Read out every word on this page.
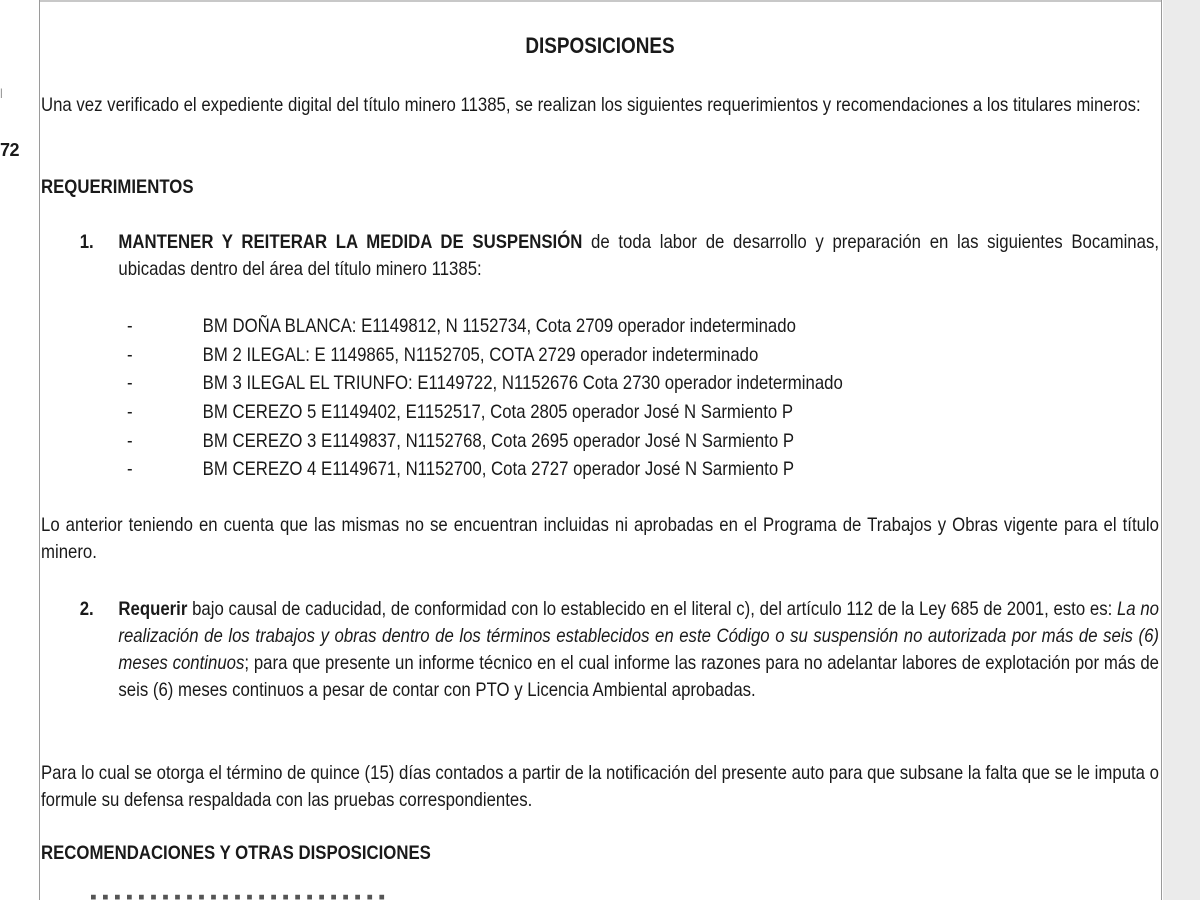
|
72
DISPOSICIONES
Una vez verificado el expediente digital del título minero 11385, se realizan los siguientes requerimientos y recomendaciones a los titulares mineros:
REQUERIMIENTOS
1. MANTENER Y REITERAR LA MEDIDA DE SUSPENSIÓN de toda labor de desarrollo y preparación en las siguientes Bocaminas, ubicadas dentro del área del título minero 11385:
-	BM DOÑA BLANCA: E1149812, N 1152734, Cota 2709 operador indeterminado
-	BM 2 ILEGAL: E 1149865, N1152705, COTA 2729 operador indeterminado
-	BM 3 ILEGAL EL TRIUNFO: E1149722, N1152676 Cota 2730 operador indeterminado
-	BM CEREZO 5 E1149402, E1152517, Cota 2805 operador José N Sarmiento P
-	BM CEREZO 3 E1149837, N1152768, Cota 2695 operador José N Sarmiento P
-	BM CEREZO 4 E1149671, N1152700, Cota 2727 operador José N Sarmiento P
Lo anterior teniendo en cuenta que las mismas no se encuentran incluidas ni aprobadas en el Programa de Trabajos y Obras vigente para el título minero.
2. Requerir bajo causal de caducidad, de conformidad con lo establecido en el literal c), del artículo 112 de la Ley 685 de 2001, esto es: La no realización de los trabajos y obras dentro de los términos establecidos en este Código o su suspensión no autorizada por más de seis (6) meses continuos; para que presente un informe técnico en el cual informe las razones para no adelantar labores de explotación por más de seis (6) meses continuos a pesar de contar con PTO y Licencia Ambiental aprobadas.
Para lo cual se otorga el término de quince (15) días contados a partir de la notificación del presente auto para que subsane la falta que se le imputa o formule su defensa respaldada con las pruebas correspondientes.
RECOMENDACIONES Y OTRAS DISPOSICIONES
▪ ▪ ▪ ▪ ▪ ▪ ▪ ▪ ▪ ▪ ▪ ▪ ▪ ▪ ▪ ▪ ▪ ▪ ▪ ▪ ▪ ▪ ▪ ▪ ▪
